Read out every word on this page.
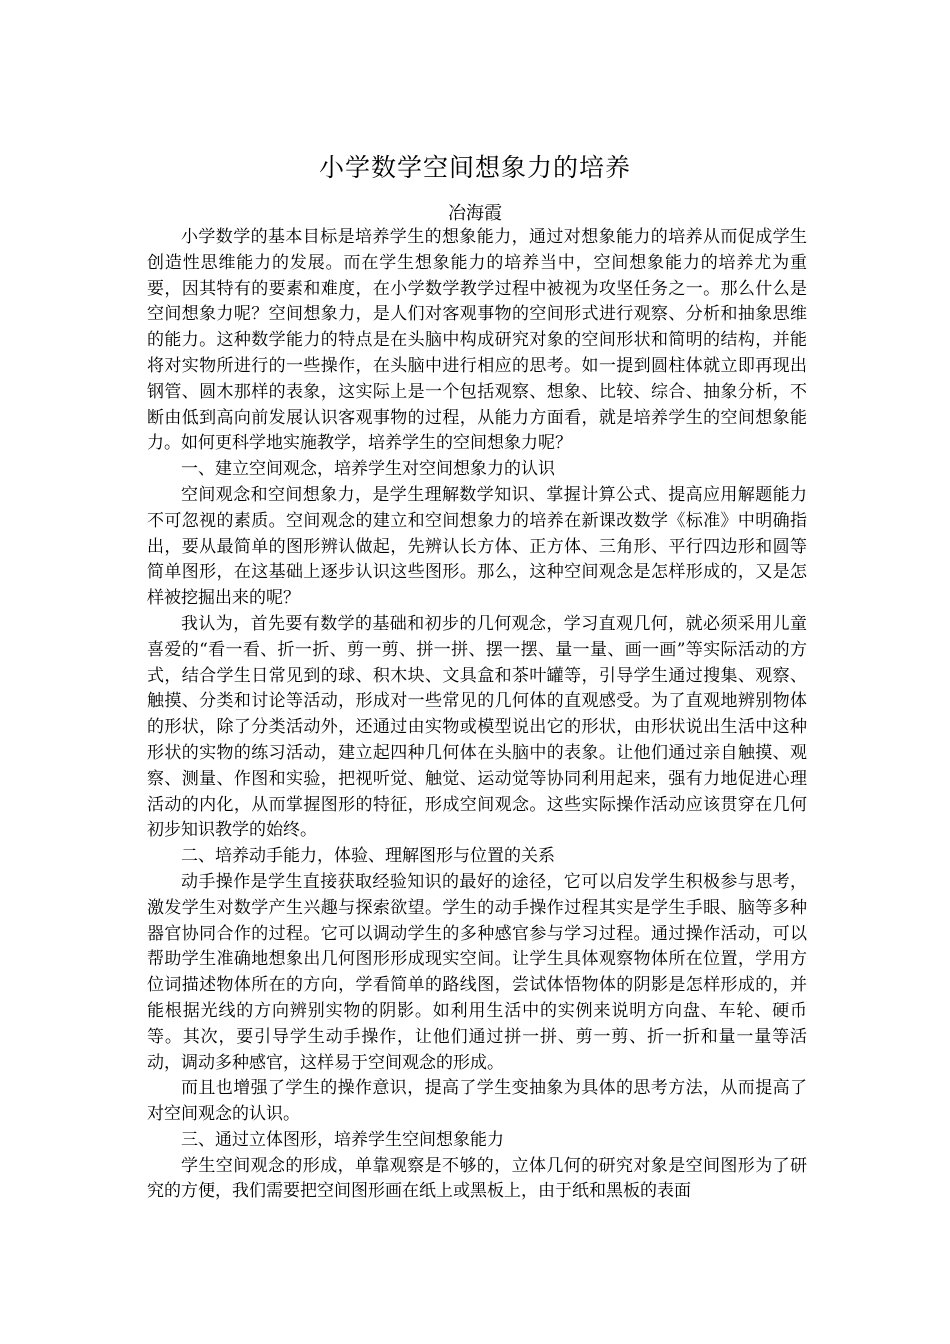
小学数学空间想象力的培养
冶海霞

小学数学的基本目标是培养学生的想象能力，通过对想象能力的培养从而促成学生创造性思维能力的发展。而在学生想象能力的培养当中，空间想象能力的培养尤为重要，因其特有的要素和难度，在小学数学教学过程中被视为攻坚任务之一。那么什么是空间想象力呢？空间想象力，是人们对客观事物的空间形式进行观察、分析和抽象思维的能力。这种数学能力的特点是在头脑中构成研究对象的空间形状和简明的结构，并能将对实物所进行的一些操作，在头脑中进行相应的思考。如一提到圆柱体就立即再现出钢管、圆木那样的表象，这实际上是一个包括观察、想象、比较、综合、抽象分析，不断由低到高向前发展认识客观事物的过程，从能力方面看，就是培养学生的空间想象能力。如何更科学地实施教学，培养学生的空间想象力呢？

一、建立空间观念，培养学生对空间想象力的认识

空间观念和空间想象力，是学生理解数学知识、掌握计算公式、提高应用解题能力不可忽视的素质。空间观念的建立和空间想象力的培养在新课改数学《标准》中明确指出，要从最简单的图形辨认做起，先辨认长方体、正方体、三角形、平行四边形和圆等简单图形，在这基础上逐步认识这些图形。那么，这种空间观念是怎样形成的，又是怎样被挖掘出来的呢？

我认为，首先要有数学的基础和初步的几何观念，学习直观几何，就必须采用儿童喜爱的“看一看、折一折、剪一剪、拼一拼、摆一摆、量一量、画一画”等实际活动的方式，结合学生日常见到的球、积木块、文具盒和茶叶罐等，引导学生通过搜集、观察、触摸、分类和讨论等活动，形成对一些常见的几何体的直观感受。为了直观地辨别物体的形状，除了分类活动外，还通过由实物或模型说出它的形状，由形状说出生活中这种形状的实物的练习活动，建立起四种几何体在头脑中的表象。让他们通过亲自触摸、观察、测量、作图和实验，把视听觉、触觉、运动觉等协同利用起来，强有力地促进心理活动的内化，从而掌握图形的特征，形成空间观念。这些实际操作活动应该贯穿在几何初步知识教学的始终。

二、培养动手能力，体验、理解图形与位置的关系

动手操作是学生直接获取经验知识的最好的途径，它可以启发学生积极参与思考，激发学生对数学产生兴趣与探索欲望。学生的动手操作过程其实是学生手眼、脑等多种器官协同合作的过程。它可以调动学生的多种感官参与学习过程。通过操作活动，可以帮助学生准确地想象出几何图形形成现实空间。让学生具体观察物体所在位置，学用方位词描述物体所在的方向，学看简单的路线图，尝试体悟物体的阴影是怎样形成的，并能根据光线的方向辨别实物的阴影。如利用生活中的实例来说明方向盘、车轮、硬币等。其次，要引导学生动手操作，让他们通过拼一拼、剪一剪、折一折和量一量等活动，调动多种感官，这样易于空间观念的形成。

而且也增强了学生的操作意识，提高了学生变抽象为具体的思考方法，从而提高了对空间观念的认识。

三、通过立体图形，培养学生空间想象能力

学生空间观念的形成，单靠观察是不够的，立体几何的研究对象是空间图形为了研究的方便，我们需要把空间图形画在纸上或黑板上，由于纸和黑板的表面
